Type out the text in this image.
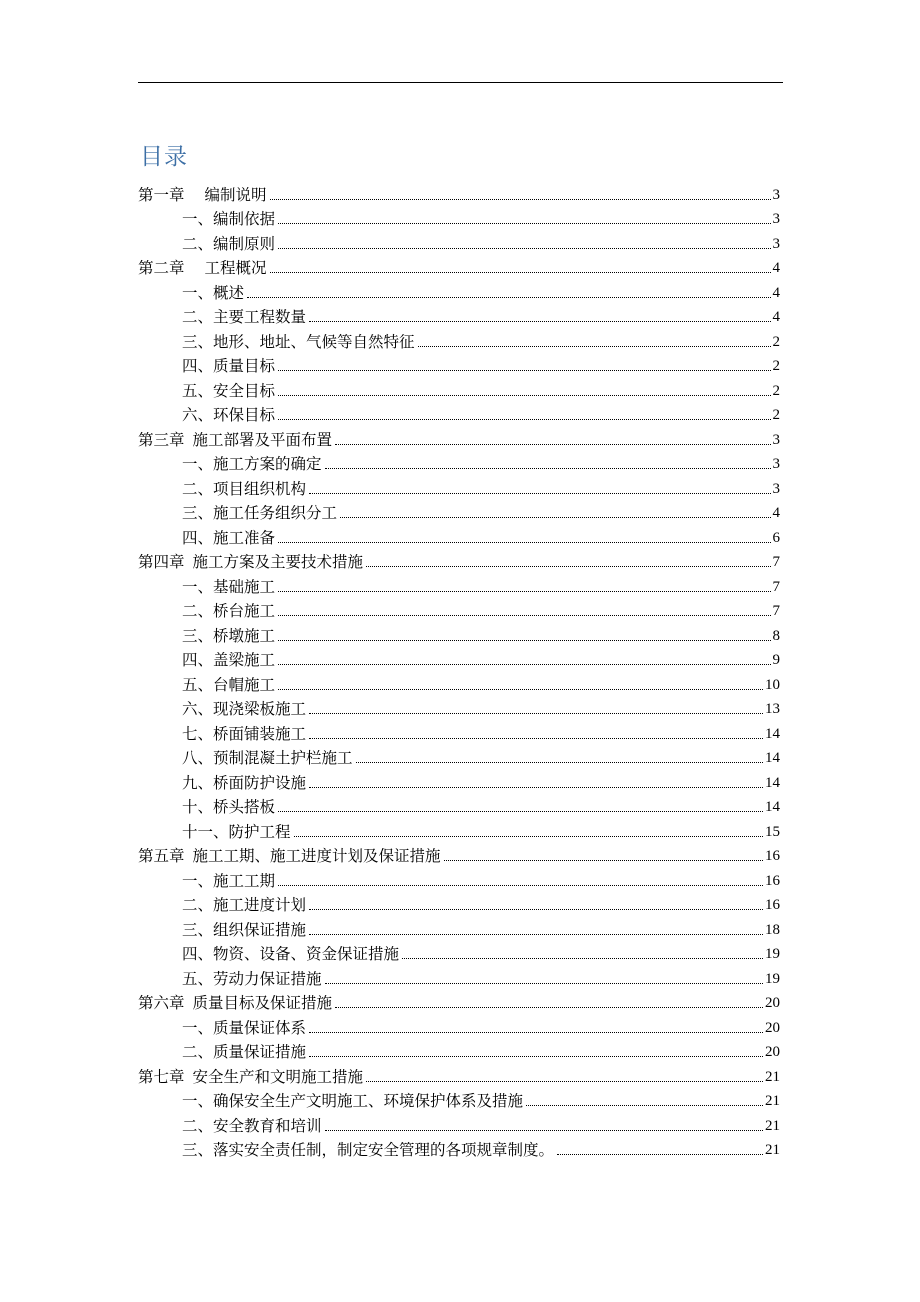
目录
第一章 编制说明	3
一、编制依据	3
二、编制原则	3
第二章 工程概况	4
一、概述	4
二、主要工程数量	4
三、地形、地址、气候等自然特征	2
四、质量目标	2
五、安全目标	2
六、环保目标	2
第三章 施工部署及平面布置	3
一、施工方案的确定	3
二、项目组织机构	3
三、施工任务组织分工	4
四、施工准备	6
第四章 施工方案及主要技术措施	7
一、基础施工	7
二、桥台施工	7
三、桥墩施工	8
四、盖梁施工	9
五、台帽施工	10
六、现浇梁板施工	13
七、桥面铺装施工	14
八、预制混凝土护栏施工	14
九、桥面防护设施	14
十、桥头搭板	14
十一、防护工程	15
第五章 施工工期、施工进度计划及保证措施	16
一、施工工期	16
二、施工进度计划	16
三、组织保证措施	18
四、物资、设备、资金保证措施	19
五、劳动力保证措施	19
第六章 质量目标及保证措施	20
一、质量保证体系	20
二、质量保证措施	20
第七章 安全生产和文明施工措施	21
一、确保安全生产文明施工、环境保护体系及措施	21
二、安全教育和培训	21
三、落实安全责任制，制定安全管理的各项规章制度。	21
